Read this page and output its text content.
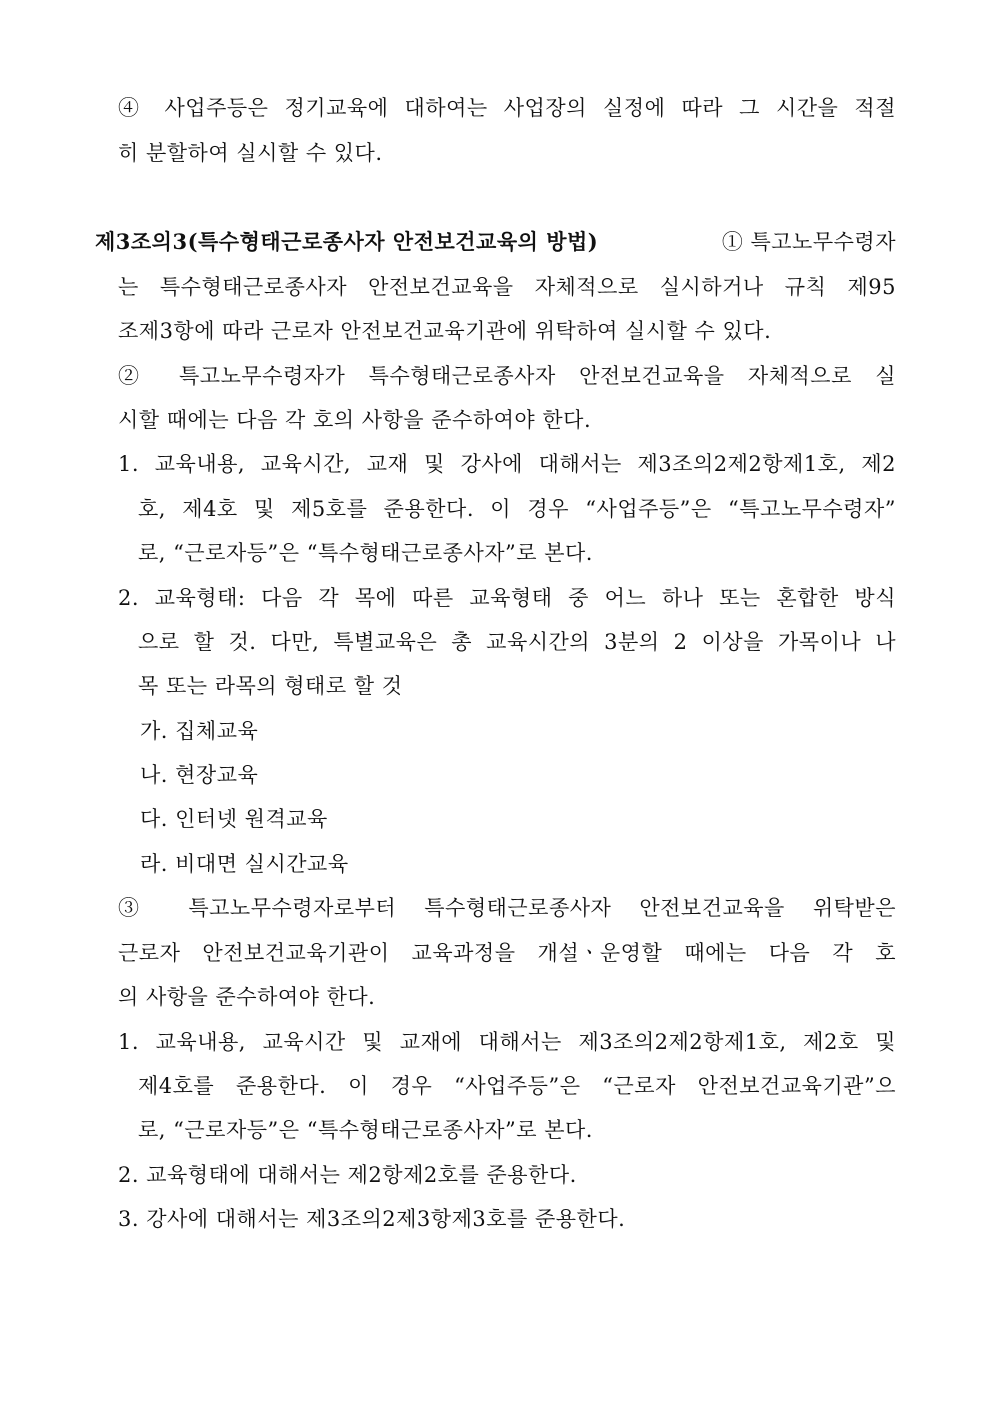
④ 사업주등은 정기교육에 대하여는 사업장의 실정에 따라 그 시간을 적절
히 분할하여 실시할 수 있다.
제3조의3(특수형태근로종사자 안전보건교육의 방법)	① 특고노무수령자
는 특수형태근로종사자 안전보건교육을 자체적으로 실시하거나 규칙 제95
조제3항에 따라 근로자 안전보건교육기관에 위탁하여 실시할 수 있다.
② 특고노무수령자가 특수형태근로종사자 안전보건교육을 자체적으로 실
시할 때에는 다음 각 호의 사항을 준수하여야 한다.
1. 교육내용, 교육시간, 교재 및 강사에 대해서는 제3조의2제2항제1호, 제2
호, 제4호 및 제5호를 준용한다. 이 경우 “사업주등”은 “특고노무수령자”
로, “근로자등”은 “특수형태근로종사자”로 본다.
2. 교육형태: 다음 각 목에 따른 교육형태 중 어느 하나 또는 혼합한 방식
으로 할 것. 다만, 특별교육은 총 교육시간의 3분의 2 이상을 가목이나 나
목 또는 라목의 형태로 할 것
가. 집체교육
나. 현장교육
다. 인터넷 원격교육
라. 비대면 실시간교육
③ 특고노무수령자로부터 특수형태근로종사자 안전보건교육을 위탁받은
근로자 안전보건교육기관이 교육과정을 개설ㆍ운영할 때에는 다음 각 호
의 사항을 준수하여야 한다.
1. 교육내용, 교육시간 및 교재에 대해서는 제3조의2제2항제1호, 제2호 및
제4호를 준용한다. 이 경우 “사업주등”은 “근로자 안전보건교육기관”으
로, “근로자등”은 “특수형태근로종사자”로 본다.
2. 교육형태에 대해서는 제2항제2호를 준용한다.
3. 강사에 대해서는 제3조의2제3항제3호를 준용한다.
